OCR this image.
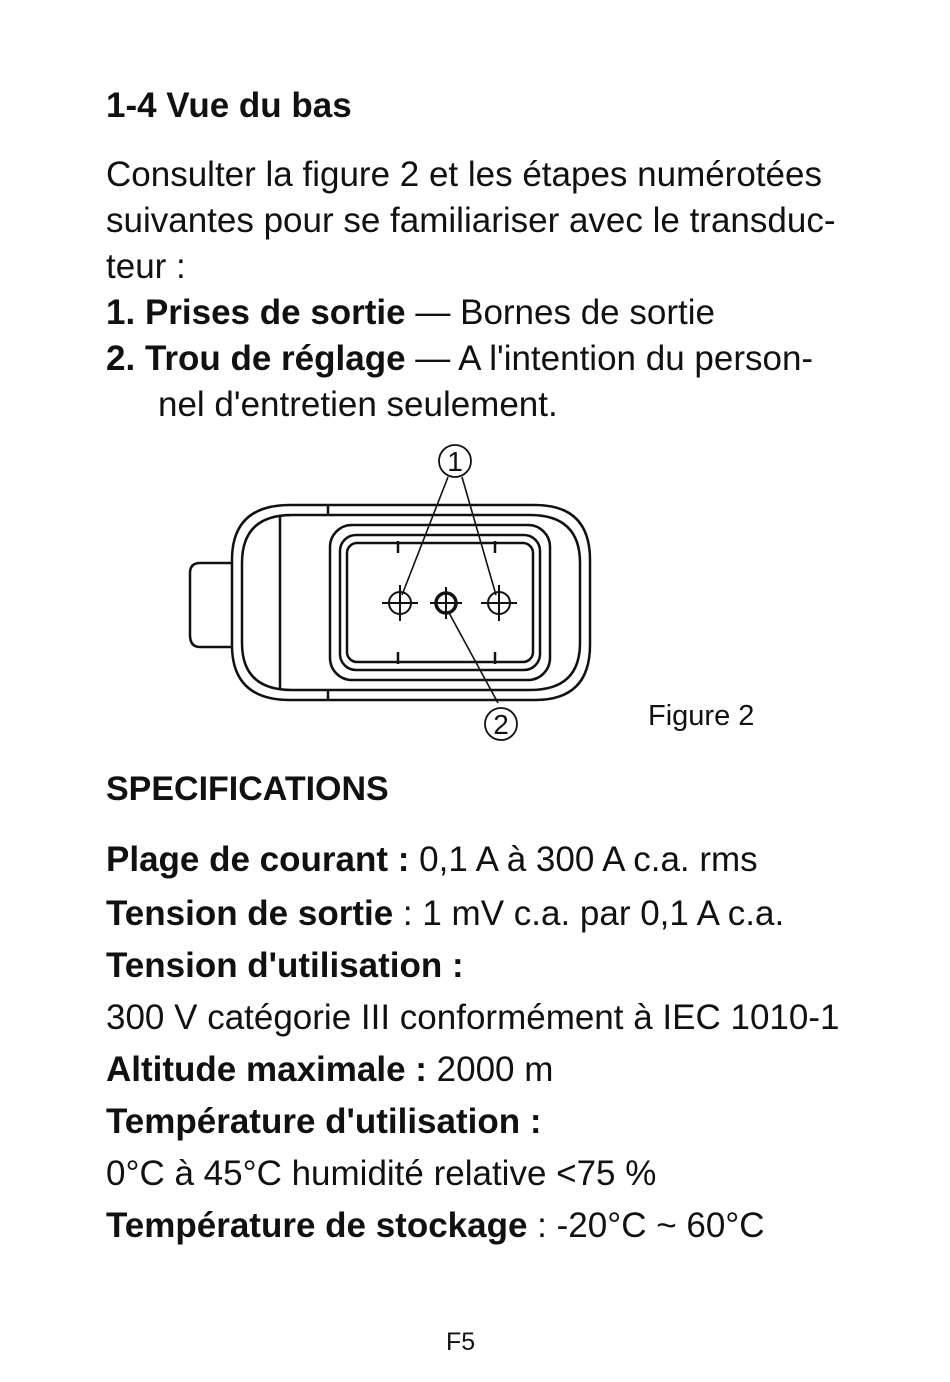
1-4 Vue du bas
Consulter la figure 2 et les étapes numérotées
suivantes pour se familiariser avec le transduc-
teur :
1. Prises de sortie — Bornes de sortie
2. Trou de réglage — A l'intention du person-
nel d'entretien seulement.
1
2	Figure 2
SPECIFICATIONS
Plage de courant : 0,1 A à 300 A c.a. rms
Tension de sortie : 1 mV c.a. par 0,1 A c.a.
Tension d'utilisation :
300 V catégorie III conformément à IEC 1010-1
Altitude maximale : 2000 m
Température d'utilisation :
0°C à 45°C humidité relative <75 %
Température de stockage : -20°C ~ 60°C
F5
